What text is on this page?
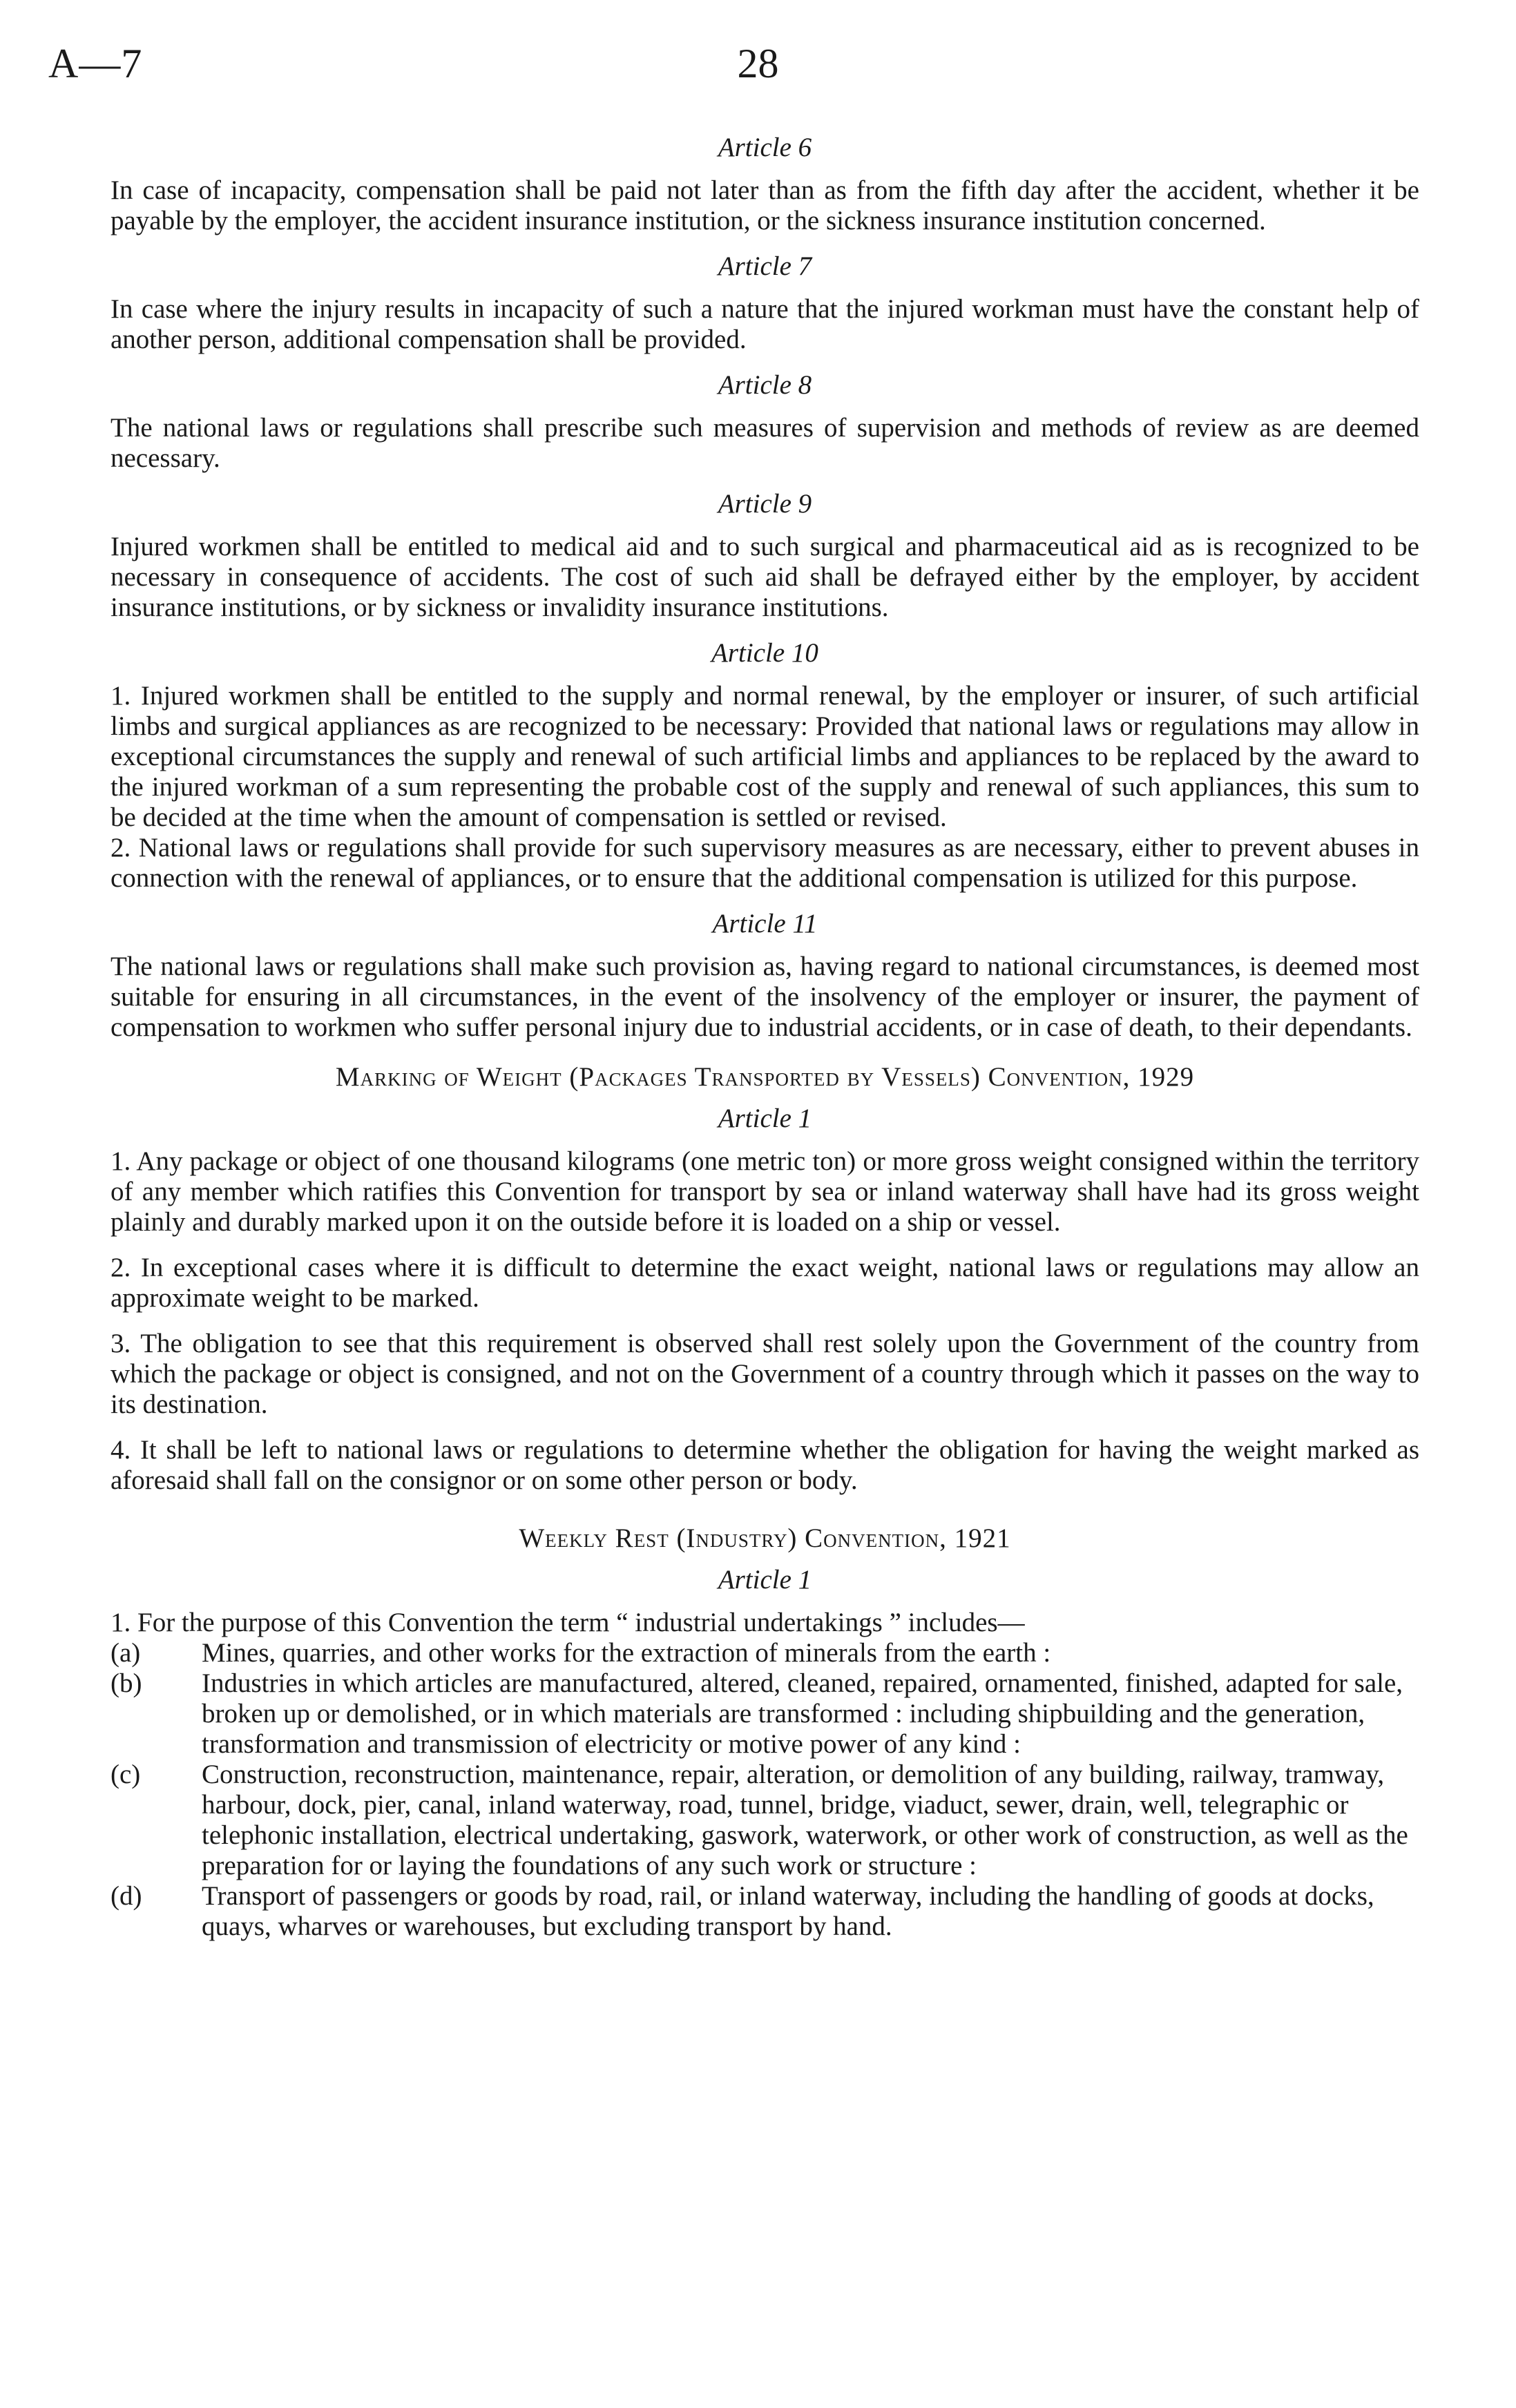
A—7	28
Article 6

In case of incapacity, compensation shall be paid not later than as from the fifth day after the accident, whether it be payable by the employer, the accident insurance institution, or the sickness insurance institution concerned.

Article 7

In case where the injury results in incapacity of such a nature that the injured workman must have the constant help of another person, additional compensation shall be provided.

Article 8

The national laws or regulations shall prescribe such measures of supervision and methods of review as are deemed necessary.

Article 9

Injured workmen shall be entitled to medical aid and to such surgical and pharmaceutical aid as is recognized to be necessary in consequence of accidents. The cost of such aid shall be defrayed either by the employer, by accident insurance institutions, or by sickness or invalidity insurance institutions.

Article 10

1. Injured workmen shall be entitled to the supply and normal renewal, by the employer or insurer, of such artificial limbs and surgical appliances as are recognized to be necessary: Provided that national laws or regulations may allow in exceptional circumstances the supply and renewal of such artificial limbs and appliances to be replaced by the award to the injured workman of a sum representing the probable cost of the supply and renewal of such appliances, this sum to be decided at the time when the amount of compensation is settled or revised.

2. National laws or regulations shall provide for such supervisory measures as are necessary, either to prevent abuses in connection with the renewal of appliances, or to ensure that the additional compensation is utilized for this purpose.

Article 11

The national laws or regulations shall make such provision as, having regard to national circumstances, is deemed most suitable for ensuring in all circumstances, in the event of the insolvency of the employer or insurer, the payment of compensation to workmen who suffer personal injury due to industrial accidents, or in case of death, to their dependants.

Marking of Weight (Packages Transported by Vessels) Convention, 1929
Article 1

1. Any package or object of one thousand kilograms (one metric ton) or more gross weight consigned within the territory of any member which ratifies this Convention for transport by sea or inland waterway shall have had its gross weight plainly and durably marked upon it on the outside before it is loaded on a ship or vessel.

2. In exceptional cases where it is difficult to determine the exact weight, national laws or regulations may allow an approximate weight to be marked.

3. The obligation to see that this requirement is observed shall rest solely upon the Government of the country from which the package or object is consigned, and not on the Government of a country through which it passes on the way to its destination.

4. It shall be left to national laws or regulations to determine whether the obligation for having the weight marked as aforesaid shall fall on the consignor or on some other person or body.

Weekly Rest (Industry) Convention, 1921
Article 1

1. For the purpose of this Convention the term “ industrial undertakings ” includes—

(a)	Mines, quarries, and other works for the extraction of minerals from the earth :
(b)	Industries in which articles are manufactured, altered, cleaned, repaired, ornamented, finished, adapted for sale, broken up or demolished, or in which materials are transformed : including shipbuilding and the generation, transformation and transmission of electricity or motive power of any kind :
(c)	Construction, reconstruction, maintenance, repair, alteration, or demolition of any building, railway, tramway, harbour, dock, pier, canal, inland waterway, road, tunnel, bridge, viaduct, sewer, drain, well, telegraphic or telephonic installation, electrical undertaking, gaswork, waterwork, or other work of construction, as well as the preparation for or laying the foundations of any such work or structure :
(d)	Transport of passengers or goods by road, rail, or inland waterway, including the handling of goods at docks, quays, wharves or warehouses, but excluding transport by hand.
